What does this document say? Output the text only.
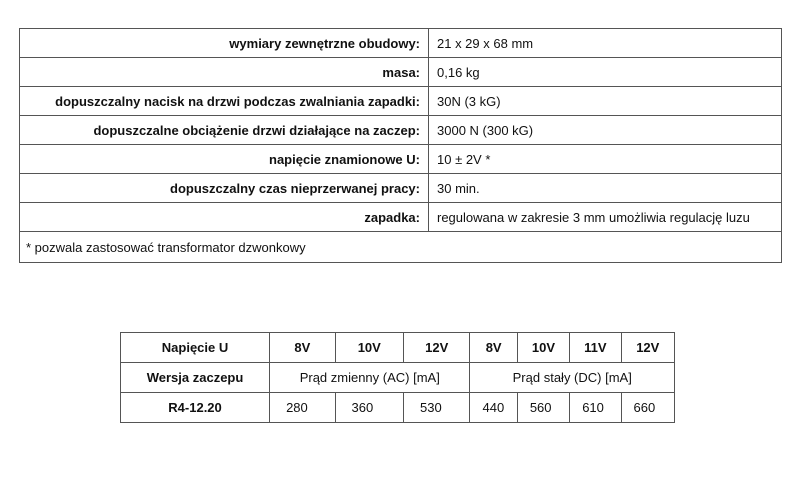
wymiary zewnętrzne obudowy:	21 x 29 x 68 mm
masa:	0,16 kg
dopuszczalny nacisk na drzwi podczas zwalniania zapadki:	30N (3 kG)
dopuszczalne obciążenie drzwi działające na zaczep:	3000 N (300 kG)
napięcie znamionowe U:	10 ± 2V *
dopuszczalny czas nieprzerwanej pracy:	30 min.
zapadka:	regulowana w zakresie 3 mm umożliwia regulację luzu
* pozwala zastosować transformator dzwonkowy	
Napięcie U	8V	10V	12V	8V	10V	11V	12V
Wersja zaczepu	Prąd zmienny (AC) [mA]			Prąd stały (DC) [mA]			
R4-12.20	280	360	530	440	560	610	660
